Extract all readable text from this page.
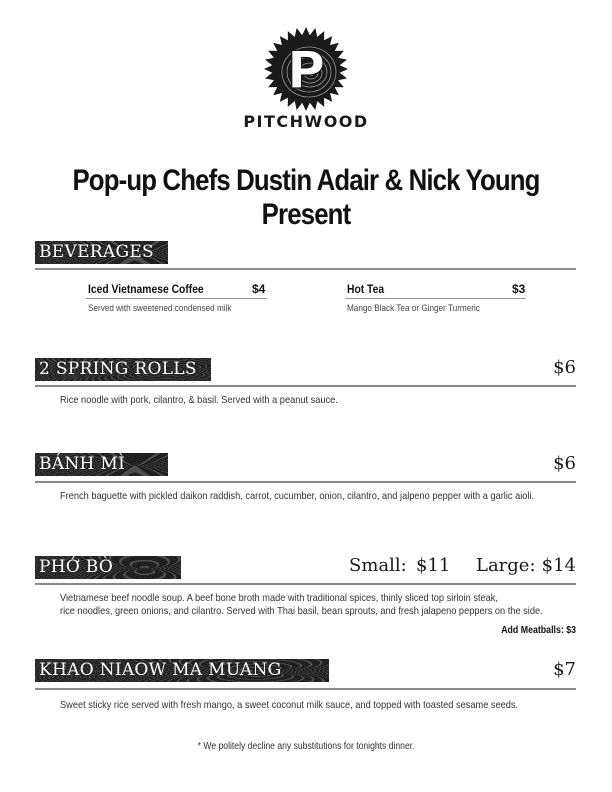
P
PITCHWOOD
Pop-up Chefs Dustin Adair & Nick Young Present
BEVERAGES
Iced Vietnamese Coffee	$4
Served with sweetened condensed milk
Hot Tea	$3
Mango Black Tea or Ginger Turmeric
2 SPRING ROLLS	$6
Rice noodle with pork, cilantro, & basil. Served with a peanut sauce.
BÁNH MÌ	$6
French baguette with pickled daikon raddish, carrot, cucumber, onion, cilantro, and jalpeno pepper with a garlic aioli.
PHỞ BÒ	Small: $11 Large: $14
Vietnamese beef noodle soup. A beef bone broth made with traditional spices, thinly sliced top sirloin steak,
rice noodles, green onions, and cilantro. Served with Thai basil, bean sprouts, and fresh jalapeno peppers on the side.
Add Meatballs: $3
KHAO NIAOW MA MUANG	$7
Sweet sticky rice served with fresh mango, a sweet coconut milk sauce, and topped with toasted sesame seeds.
* We politely decline any substitutions for tonights dinner.
